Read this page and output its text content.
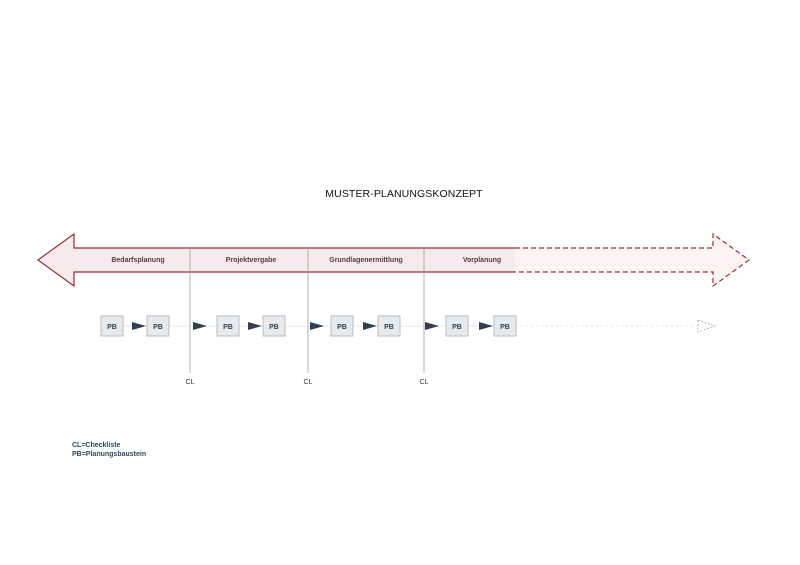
MUSTER-PLANUNGSKONZEPT
Bedarfsplanung	Projektvergabe	Grundlagenermittlung	Vorplanung
PB	PB	PB	PB	PB	PB	PB	PB
CL	CL	CL
CL=Checkliste
PB=Planungsbaustein
